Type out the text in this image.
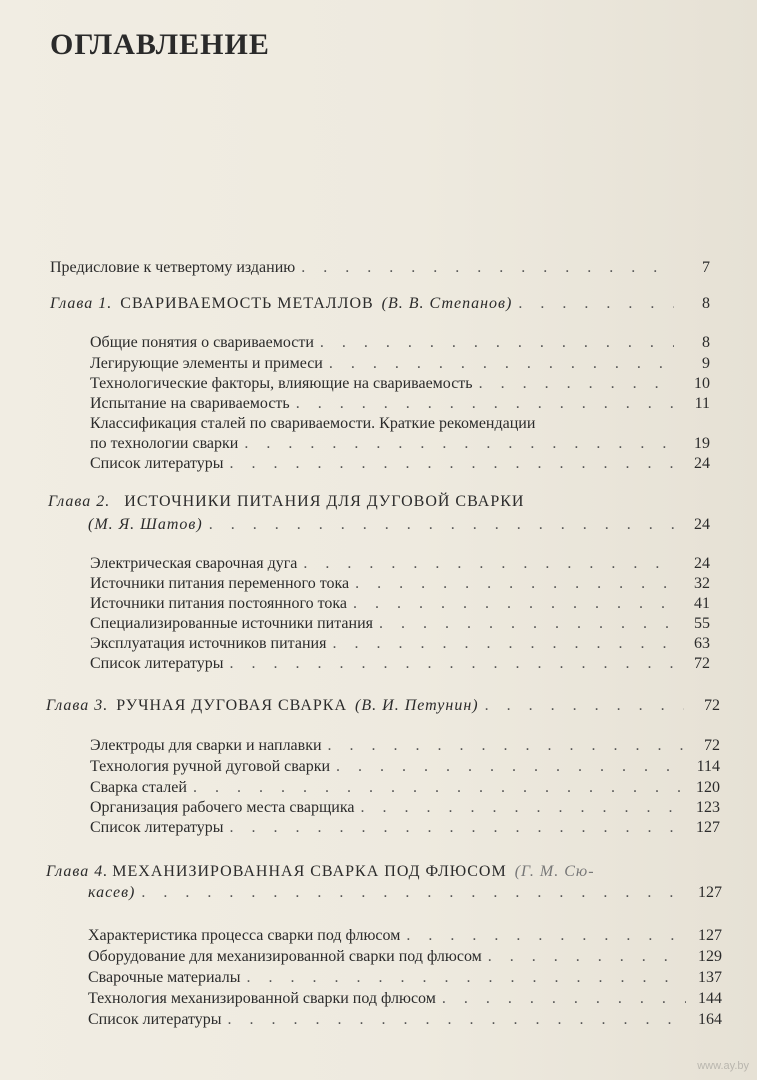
ОГЛАВЛЕНИЕ
Предисловие к четвертому изданию . . .	7
Глава 1. СВАРИВАЕМОСТЬ МЕТАЛЛОВ (В. В. Степанов) . . .	8
Общие понятия о свариваемости . . .	8
Легирующие элементы и примеси . . .	9
Технологические факторы, влияющие на свариваемость . . .	10
Испытание на свариваемость . . .	11
Классификация сталей по свариваемости. Краткие рекомендации
по технологии сварки . . .	19
Список литературы . . .	24
Глава 2. ИСТОЧНИКИ ПИТАНИЯ ДЛЯ ДУГОВОЙ СВАРКИ
(М. Я. Шатов) . . .	24
Электрическая сварочная дуга . . .	24
Источники питания переменного тока . . .	32
Источники питания постоянного тока . . .	41
Специализированные источники питания . . .	55
Эксплуатация источников питания . . .	63
Список литературы . . .	72
Глава 3. РУЧНАЯ ДУГОВАЯ СВАРКА (В. И. Петунин) . . .	72
Электроды для сварки и наплавки . . .	72
Технология ручной дуговой сварки . . .	114
Сварка сталей . . .	120
Организация рабочего места сварщика . . .	123
Список литературы . . .	127
Глава 4. МЕХАНИЗИРОВАННАЯ СВАРКА ПОД ФЛЮСОМ (Г. М. Сю-
касев) . . .	127
Характеристика процесса сварки под флюсом . . .	127
Оборудование для механизированной сварки под флюсом . . .	129
Сварочные материалы . . .	137
Технология механизированной сварки под флюсом . . .	144
Список литературы . . .	164
www.ay.by
